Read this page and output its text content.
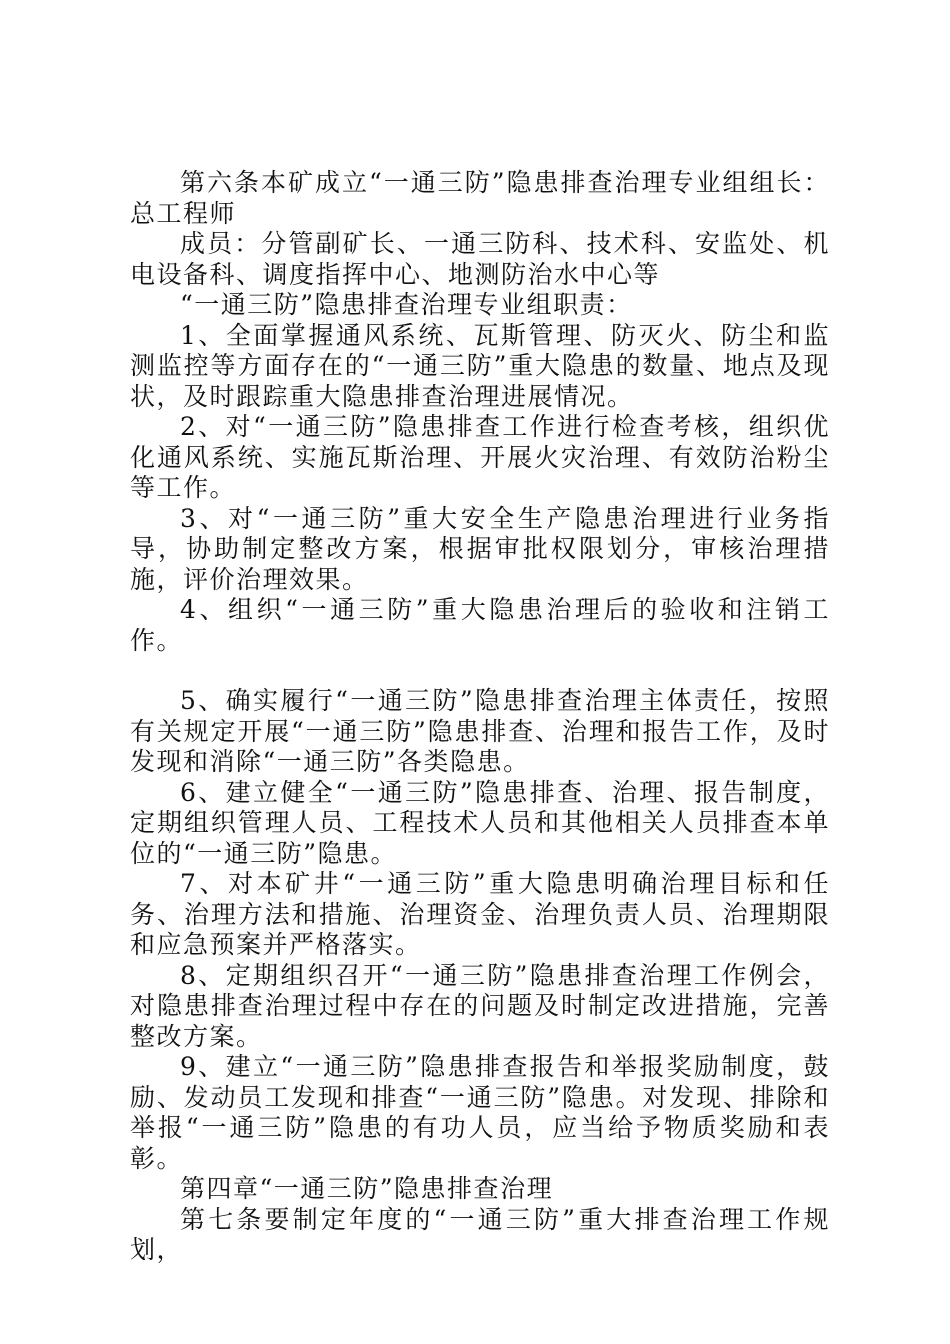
第六条本矿成立“一通三防”隐患排查治理专业组组长：总工程师

成员：分管副矿长、一通三防科、技术科、安监处、机电设备科、调度指挥中心、地测防治水中心等

“一通三防”隐患排查治理专业组职责：

1、全面掌握通风系统、瓦斯管理、防灭火、防尘和监测监控等方面存在的“一通三防”重大隐患的数量、地点及现状，及时跟踪重大隐患排查治理进展情况。

2、对“一通三防”隐患排查工作进行检查考核，组织优化通风系统、实施瓦斯治理、开展火灾治理、有效防治粉尘等工作。

3、对“一通三防”重大安全生产隐患治理进行业务指导，协助制定整改方案，根据审批权限划分，审核治理措施，评价治理效果。

4、组织“一通三防”重大隐患治理后的验收和注销工作。

5、确实履行“一通三防”隐患排查治理主体责任，按照有关规定开展“一通三防”隐患排查、治理和报告工作，及时发现和消除“一通三防”各类隐患。

6、建立健全“一通三防”隐患排查、治理、报告制度，定期组织管理人员、工程技术人员和其他相关人员排查本单位的“一通三防”隐患。

7、对本矿井“一通三防”重大隐患明确治理目标和任务、治理方法和措施、治理资金、治理负责人员、治理期限和应急预案并严格落实。

8、定期组织召开“一通三防”隐患排查治理工作例会，对隐患排查治理过程中存在的问题及时制定改进措施，完善整改方案。

9、建立“一通三防”隐患排查报告和举报奖励制度，鼓励、发动员工发现和排查“一通三防”隐患。对发现、排除和举报“一通三防”隐患的有功人员，应当给予物质奖励和表彰。

第四章“一通三防”隐患排查治理

第七条要制定年度的“一通三防”重大排查治理工作规划，
